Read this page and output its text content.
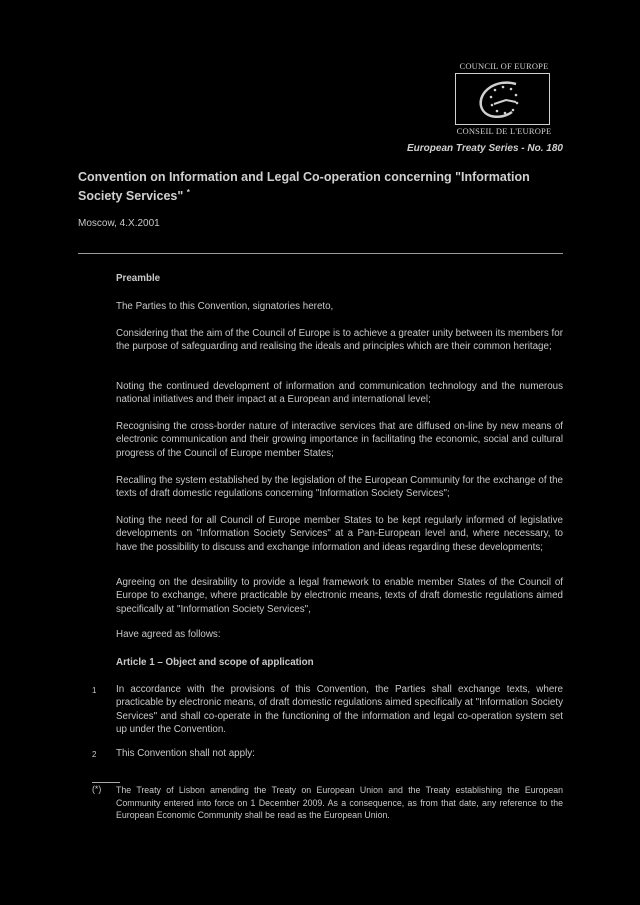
COUNCIL OF EUROPE
CONSEIL DE L'EUROPE
European Treaty Series - No. 180
Convention on Information and Legal Co-operation concerning "Information Society Services" *
Moscow, 4.X.2001
Preamble
The Parties to this Convention, signatories hereto,
Considering that the aim of the Council of Europe is to achieve a greater unity between its members for the purpose of safeguarding and realising the ideals and principles which are their common heritage;
Noting the continued development of information and communication technology and the numerous national initiatives and their impact at a European and international level;
Recognising the cross-border nature of interactive services that are diffused on-line by new means of electronic communication and their growing importance in facilitating the economic, social and cultural progress of the Council of Europe member States;
Recalling the system established by the legislation of the European Community for the exchange of the texts of draft domestic regulations concerning "Information Society Services";
Noting the need for all Council of Europe member States to be kept regularly informed of legislative developments on "Information Society Services" at a Pan-European level and, where necessary, to have the possibility to discuss and exchange information and ideas regarding these developments;
Agreeing on the desirability to provide a legal framework to enable member States of the Council of Europe to exchange, where practicable by electronic means, texts of draft domestic regulations aimed specifically at "Information Society Services",
Have agreed as follows:
Article 1 – Object and scope of application
1 In accordance with the provisions of this Convention, the Parties shall exchange texts, where practicable by electronic means, of draft domestic regulations aimed specifically at "Information Society Services" and shall co-operate in the functioning of the information and legal co-operation system set up under the Convention.
2 This Convention shall not apply:
(*) The Treaty of Lisbon amending the Treaty on European Union and the Treaty establishing the European Community entered into force on 1 December 2009. As a consequence, as from that date, any reference to the European Economic Community shall be read as the European Union.
